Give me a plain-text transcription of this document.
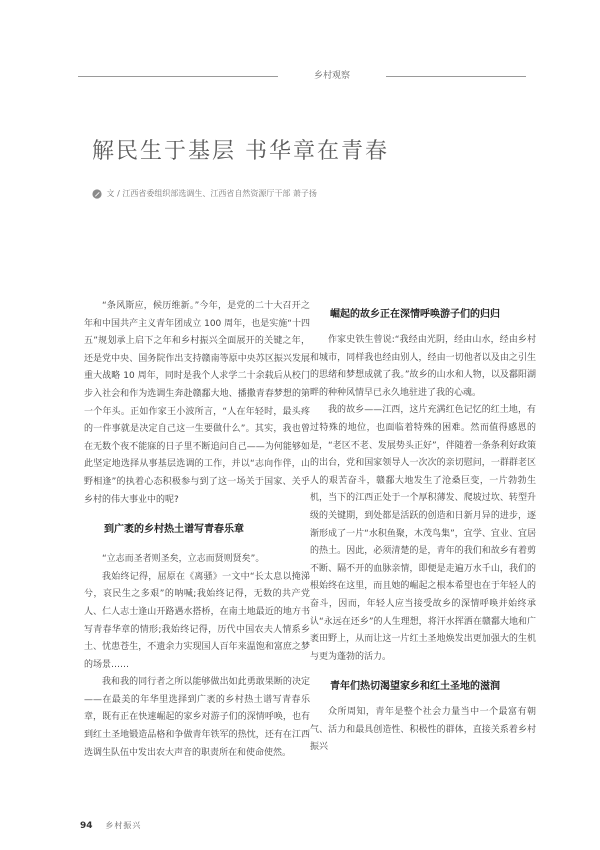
乡村观察
解民生于基层 书华章在青春
文 / 江西省委组织部选调生、江西省自然资源厅干部 萧子扬

“条风斯应，候历维新。”今年，是党的二十大召开之年和中国共产主义青年团成立 100 周年，也是实施“十四五”规划承上启下之年和乡村振兴全面展开的关键之年，还是党中央、国务院作出支持赣南等原中央苏区振兴发展重大战略 10 周年，同时是我个人求学二十余载后从校门步入社会和作为选调生奔赴赣鄱大地、播撒青春梦想的第一个年头。正如作家王小波所言，“人在年轻时，最头疼的一件事就是决定自己这一生要做什么”。其实，我也曾在无数个夜不能寐的日子里不断追问自己——为何能够如此坚定地选择从事基层选调的工作，并以“志向作伴，山野相逢”的执着心态积极参与到了这一场关于国家、关乎乡村的伟大事业中的呢?

到广袤的乡村热土谱写青春乐章

“立志而圣者则圣矣，立志而贤则贤矣”。

我始终记得，屈原在《离骚》一文中“长太息以掩涕兮，哀民生之多艰”的呐喊;我始终记得，无数的共产党人、仁人志士逢山开路遇水搭桥，在南土地最近的地方书写青春华章的情形;我始终记得，历代中国农夫人情系乡土、忧患苍生，不遗余力实现国人百年来温饱和富庶之梦的场景……

我和我的同行者之所以能够做出如此勇敢果断的决定——在最美的年华里选择到广袤的乡村热土谱写青春乐章，既有正在快速崛起的家乡对游子们的深情呼唤，也有到红土圣地锻造品格和争做青年铁军的热忱，还有在江西选调生队伍中发出农大声音的职责所在和使命使然。

崛起的故乡正在深情呼唤游子们的归归

作家史铁生曾说:“我经由光阴，经由山水，经由乡村和城市，同样我也经由别人，经由一切他者以及由之引生的思绪和梦想成就了我。”故乡的山水和人物，以及鄱阳湖畔的种种风情早已永久地驻进了我的心魂。

我的故乡——江西，这片充满红色记忆的红土地，有过特殊的地位，也面临着特殊的困难。然而值得感恩的是，“老区不老、发展势头正好”，伴随着一条条利好政策的出台，党和国家领导人一次次的亲切慰问，一群群老区人的艰苦奋斗，赣鄱大地发生了沧桑巨变，一片勃勃生机，当下的江西正处于一个厚积薄发、爬坡过坎、转型升级的关键期，到处都是活跃的创造和日新月异的进步，逐渐形成了一片“水积鱼聚，木茂鸟集”，宜学、宜业、宜居的热土。因此，必须清楚的是，青年的我们和故乡有着剪不断、隔不开的血脉亲情，即便是走遍万水千山，我们的根始终在这里，而且她的崛起之根本希望也在于年轻人的奋斗，因而，年轻人应当接受故乡的深情呼唤并始终承认“永远在还乡”的人生理想，将汗水挥洒在赣鄱大地和广袤田野上，从而让这一片红土圣地焕发出更加强大的生机与更为蓬勃的活力。

青年们热切渴望家乡和红土圣地的滋润

众所周知，青年是整个社会力量当中一个最富有朝气、活力和最具创造性、积极性的群体，直接关系着乡村振兴

94 乡村振兴
